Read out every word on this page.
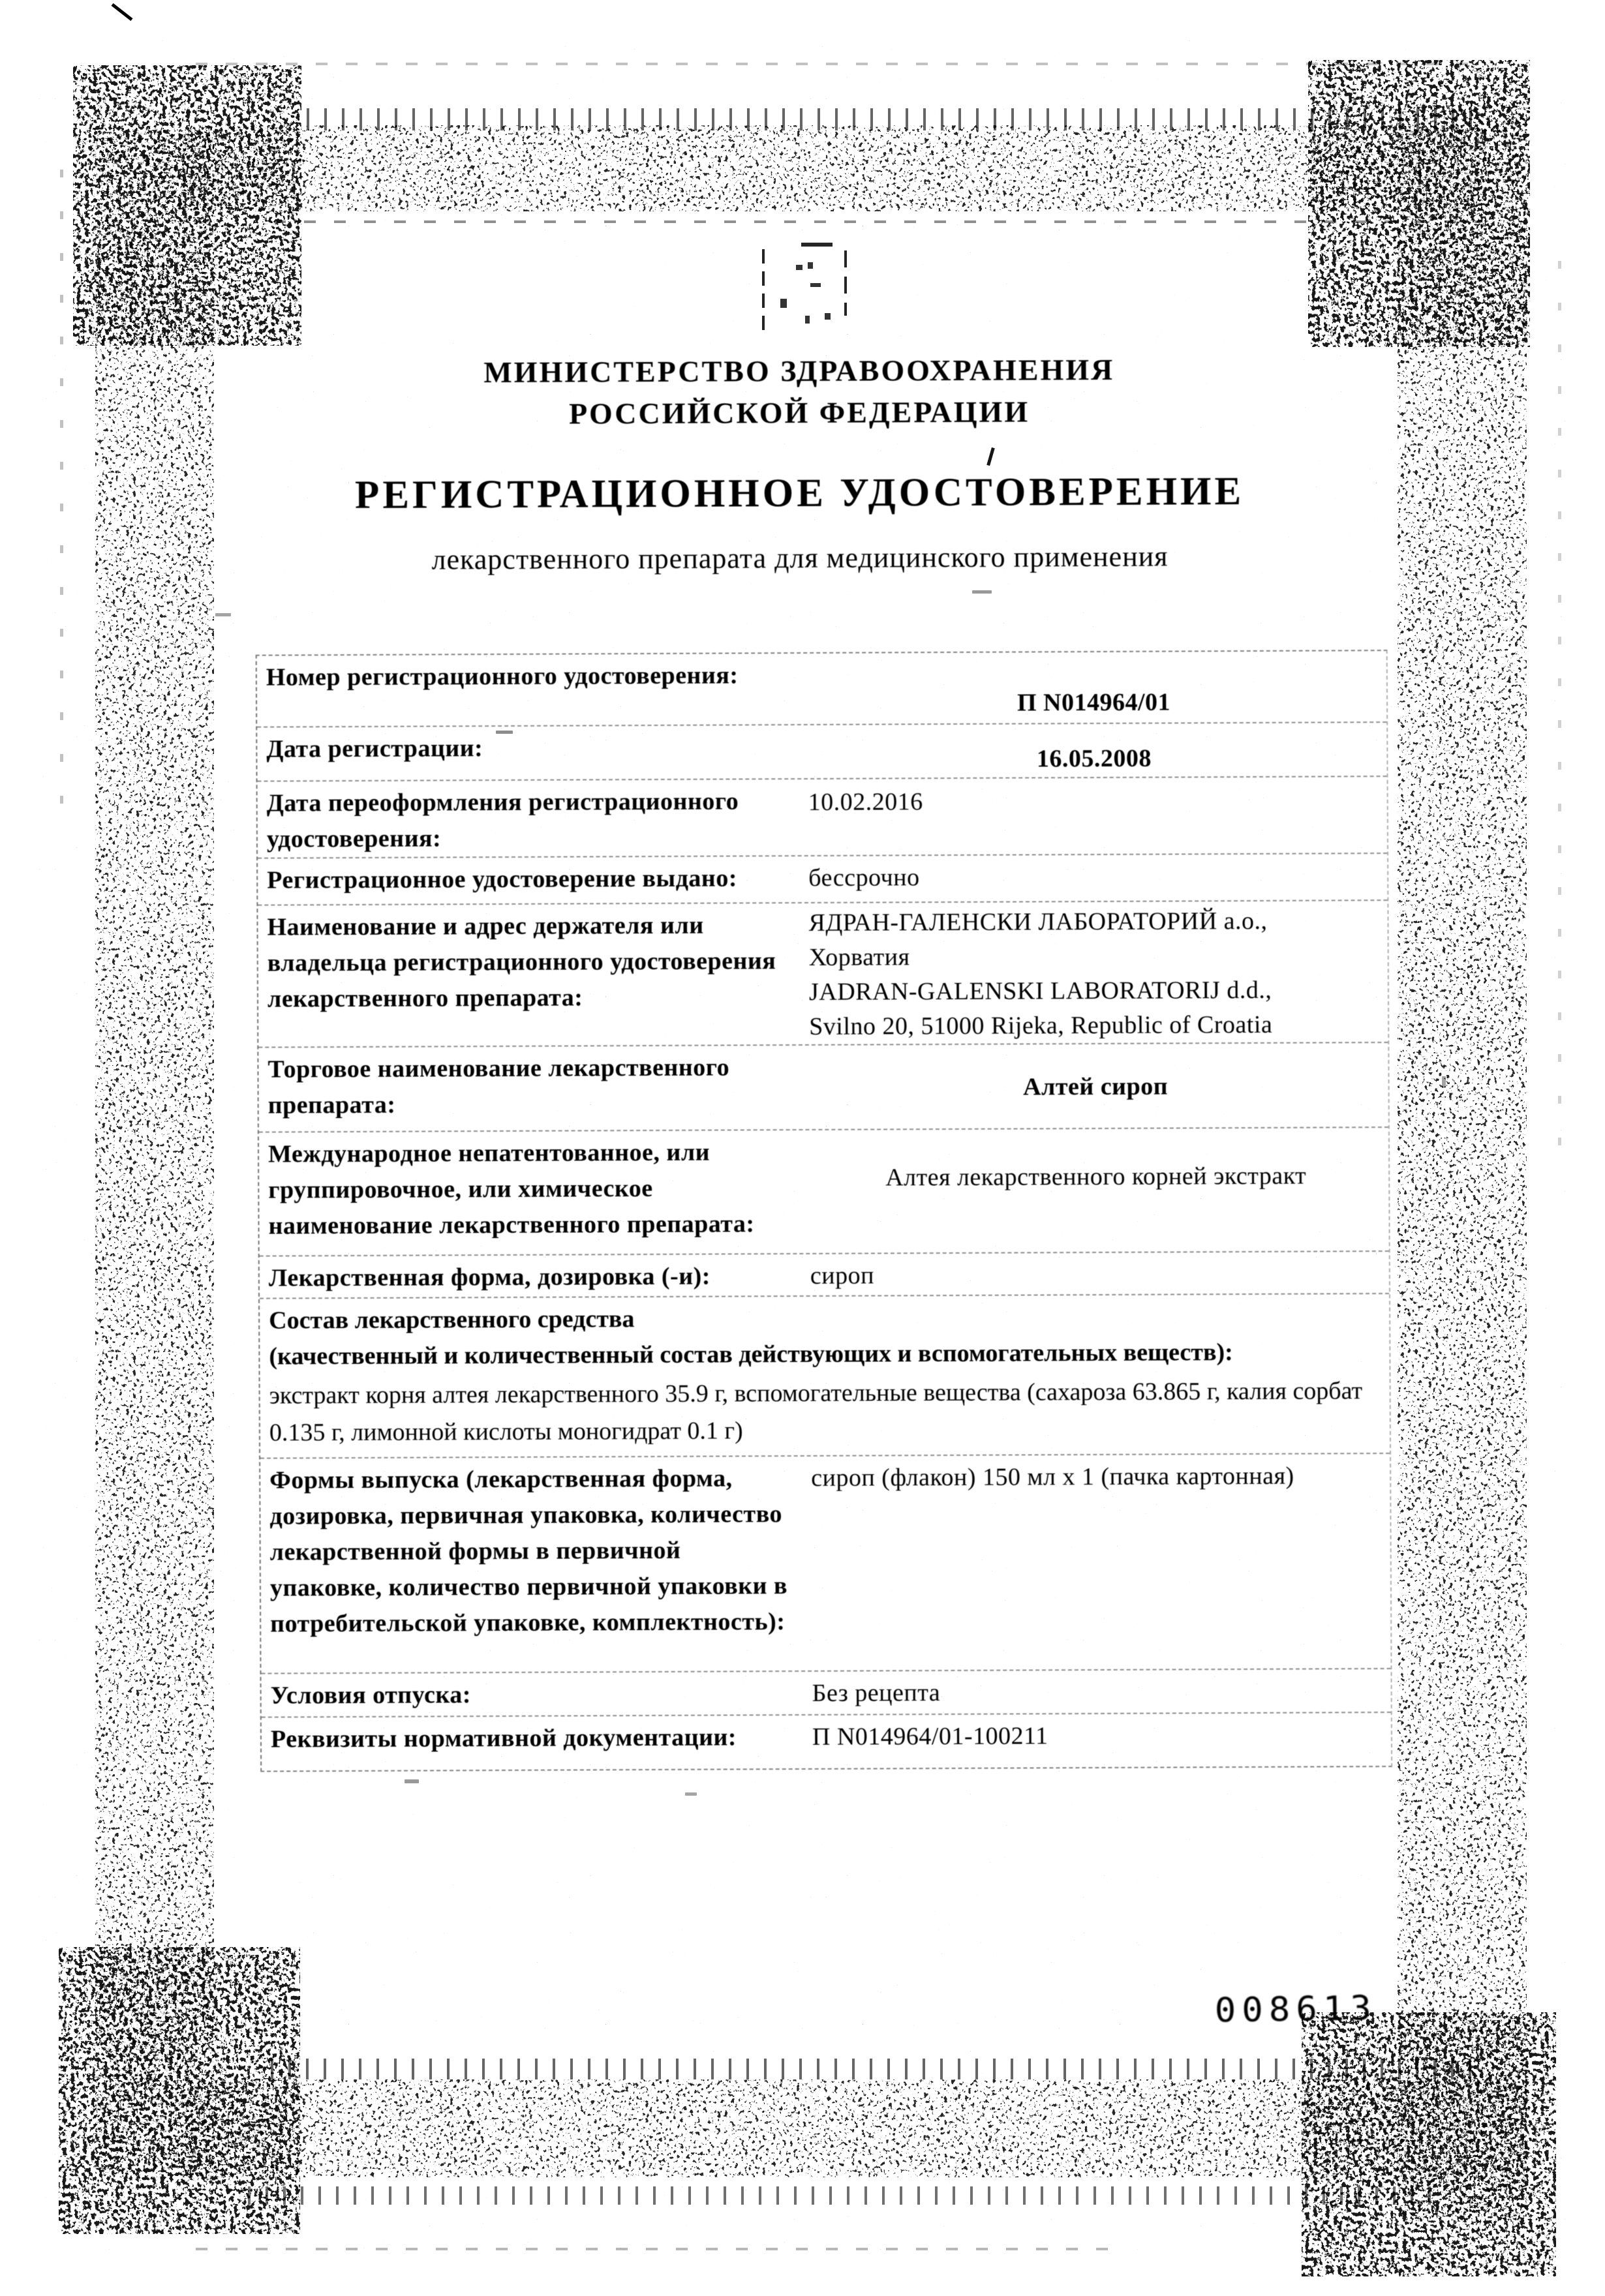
МИНИСТЕРСТВО ЗДРАВООХРАНЕНИЯ
РОССИЙСКОЙ ФЕДЕРАЦИИ
РЕГИСТРАЦИОННОЕ УДОСТОВЕРЕНИЕ
лекарственного препарата для медицинского применения
Номер регистрационного удостоверения:
П N014964/01
Дата регистрации:	16.05.2008
Дата переоформления регистрационного удостоверения:
10.02.2016
Регистрационное удостоверение выдано:	бессрочно
Наименование и адрес держателя или владельца регистрационного удостоверения лекарственного препарата:
ЯДРАН-ГАЛЕНСКИ ЛАБОРАТОРИЙ a.o.,
Хорватия
JADRAN-GALENSKI LABORATORIJ d.d.,
Svilno 20, 51000 Rijeka, Republic of Croatia
Торговое наименование лекарственного препарата:
Алтей сироп
Международное непатентованное, или группировочное, или химическое наименование лекарственного препарата:
Алтея лекарственного корней экстракт
Лекарственная форма, дозировка (-и):	сироп
Состав лекарственного средства
(качественный и количественный состав действующих и вспомогательных веществ):
экстракт корня алтея лекарственного 35.9 г, вспомогательные вещества (сахароза 63.865 г, калия сорбат 0.135 г, лимонной кислоты моногидрат 0.1 г)
Формы выпуска (лекарственная форма, дозировка, первичная упаковка, количество лекарственной формы в первичной упаковке, количество первичной упаковки в потребительской упаковке, комплектность):
сироп (флакон) 150 мл х 1 (пачка картонная)
Условия отпуска:	Без рецепта
Реквизиты нормативной документации:	П N014964/01-100211
008613
